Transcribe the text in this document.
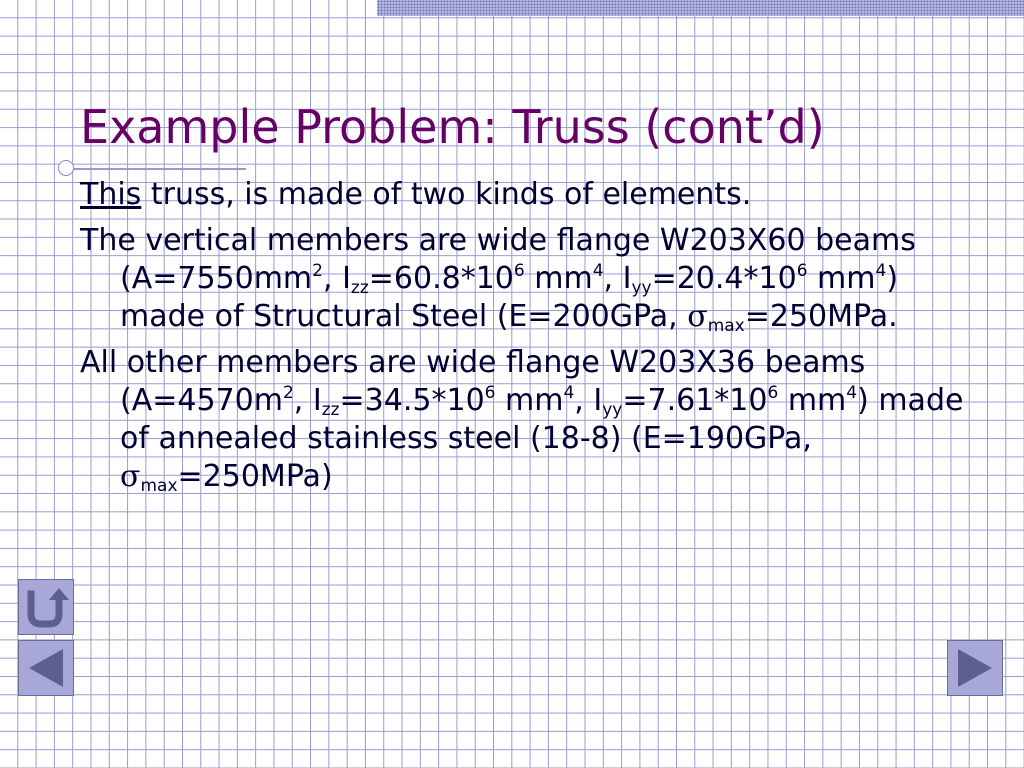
Example Problem: Truss (cont’d)

This truss, is made of two kinds of elements.

The vertical members are wide flange W203X60 beams ($A=7550mm^2$, $I_{zz}=60.8*10^6$ $mm^4$, $I_{yy}=20.4*10^6$ $mm^4$) made of Structural Steel (E=200GPa, $\sigma_{max}=250MPa$.

All other members are wide flange W203X36 beams ($A=4570m^2$, $I_{zz}=34.5*10^6$ $mm^4$, $I_{yy}=7.61*10^6$ $mm^4$) made of annealed stainless steel (18-8) (E=190GPa, $\sigma_{max}=250MPa$)
